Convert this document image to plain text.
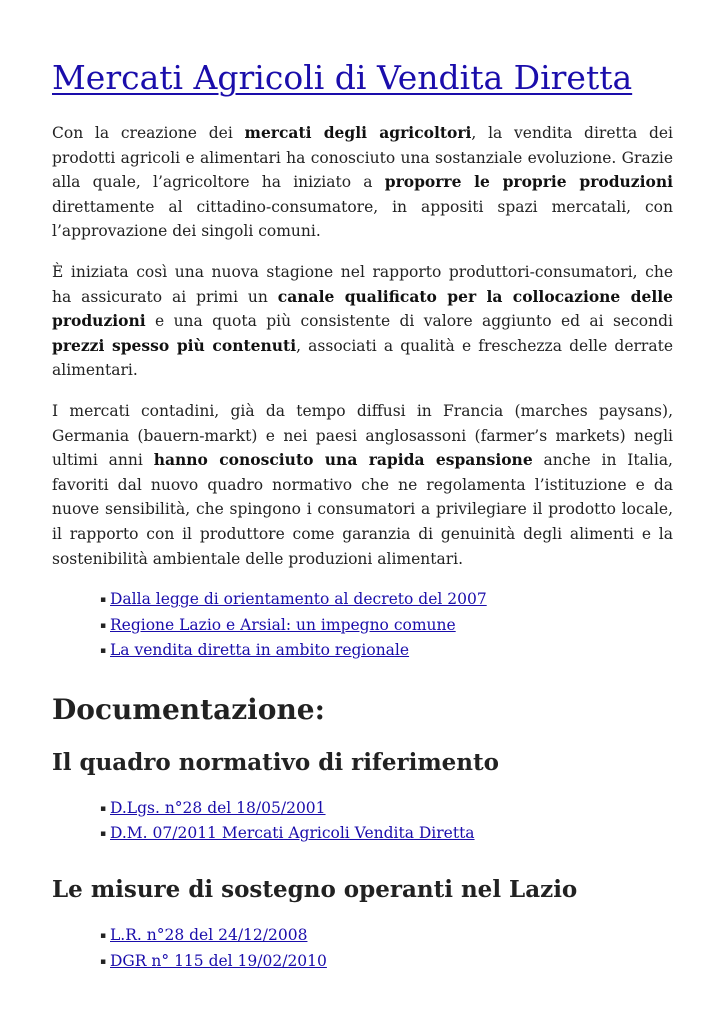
Mercati Agricoli di Vendita Diretta

Con la creazione dei mercati degli agricoltori, la vendita diretta dei prodotti agricoli e alimentari ha conosciuto una sostanziale evoluzione. Grazie alla quale, l’agricoltore ha iniziato a proporre le proprie produzioni direttamente al cittadino-consumatore, in appositi spazi mercatali, con l’approvazione dei singoli comuni.

È iniziata così una nuova stagione nel rapporto produttori-consumatori, che ha assicurato ai primi un canale qualificato per la collocazione delle produzioni e una quota più consistente di valore aggiunto ed ai secondi prezzi spesso più contenuti, associati a qualità e freschezza delle derrate alimentari.

I mercati contadini, già da tempo diffusi in Francia (marches paysans), Germania (bauern-markt) e nei paesi anglosassoni (farmer’s markets) negli ultimi anni hanno conosciuto una rapida espansione anche in Italia, favoriti dal nuovo quadro normativo che ne regolamenta l’istituzione e da nuove sensibilità, che spingono i consumatori a privilegiare il prodotto locale, il rapporto con il produttore come garanzia di genuinità degli alimenti e la sostenibilità ambientale delle produzioni alimentari.

▪ Dalla legge di orientamento al decreto del 2007
▪ Regione Lazio e Arsial: un impegno comune
▪ La vendita diretta in ambito regionale
Documentazione:
Il quadro normativo di riferimento
▪ D.Lgs. n°28 del 18/05/2001
▪ D.M. 07/2011 Mercati Agricoli Vendita Diretta
Le misure di sostegno operanti nel Lazio
▪ L.R. n°28 del 24/12/2008
▪ DGR n° 115 del 19/02/2010
